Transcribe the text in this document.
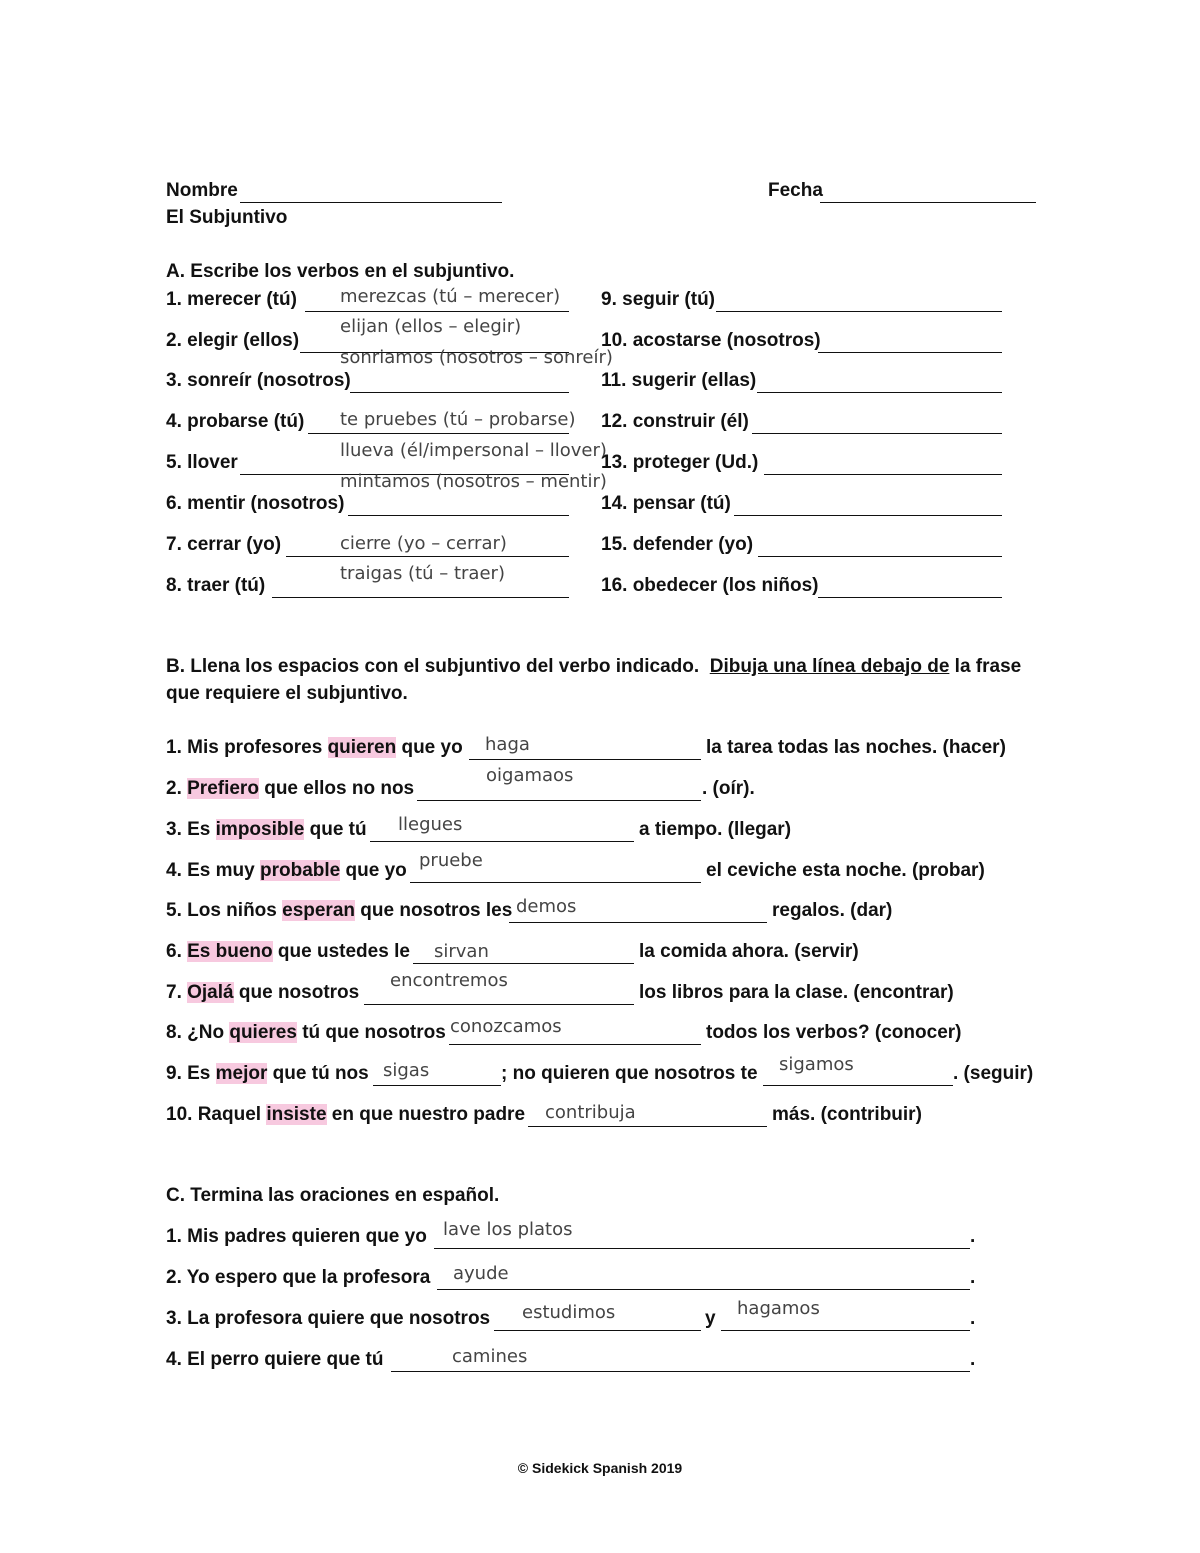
Nombre	Fecha
El Subjuntivo
A. Escribe los verbos en el subjuntivo.
1. merecer (tú) merezcas (tú – merecer)
2. elegir (ellos)
elijan (ellos – elegir)
3. sonreír (nosotros)
sonriamos (nosotros – sonreír)
4. probarse (tú) te pruebes (tú – probarse)
5. llover
llueva (él/impersonal – llover)
6. mentir (nosotros)
mintamos (nosotros – mentir)
7. cerrar (yo)	cierre (yo – cerrar)
8. traer (tú)
traigas (tú – traer)
9. seguir (tú)
10. acostarse (nosotros)
11. sugerir (ellas)
12. construir (él)
13. proteger (Ud.)
14. pensar (tú)
15. defender (yo)
16. obedecer (los niños)
B. Llena los espacios con el subjuntivo del verbo indicado. Dibuja una línea debajo de la frase
que requiere el subjuntivo.
1. Mis profesores quieren que yo haga	la tarea todas las noches. (hacer)
2. Prefiero que ellos no nos
oigamaos
. (oír).
3. Es imposible que tú llegues	a tiempo. (llegar)
4. Es muy probable que yo pruebe	el ceviche esta noche. (probar)
5. Los niños esperan que nosotros les demos	regalos. (dar)
6. Es bueno que ustedes le sirvan	la comida ahora. (servir)
7. Ojalá que nosotros
encontremos
los libros para la clase. (encontrar)
8. ¿No quieres tú que nosotros conozcamos	todos los verbos? (conocer)
9. Es mejor que tú nos sigas	; no quieren que nosotros te sigamos	. (seguir)
10. Raquel insiste en que nuestro padre contribuja	más. (contribuir)
C. Termina las oraciones en español.
1. Mis padres quieren que yo lave los platos	.
2. Yo espero que la profesora ayude	.
3. La profesora quiere que nosotros estudimos	y hagamos	.
4. El perro quiere que tú	camines	.
© Sidekick Spanish 2019
